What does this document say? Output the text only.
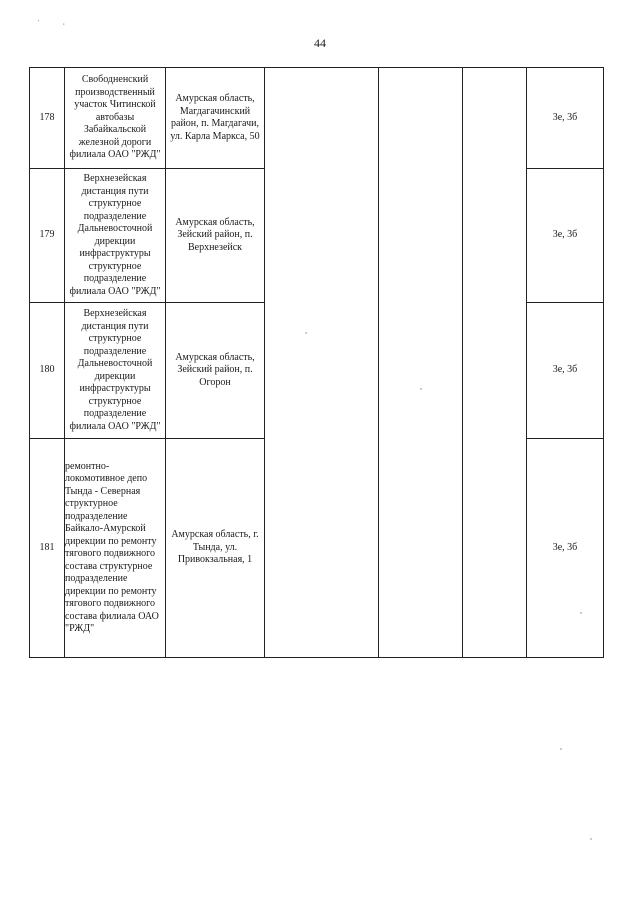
'	,
44
178	Свободненский производственный участок Читинской автобазы Забайкальской железной дороги филиала ОАО "РЖД"	Амурская область, Магдагачинский район, п. Магдагачи, ул. Карла Маркса, 50				3е, 3б
179	Верхнезейская дистанция пути структурное подразделение Дальневосточной дирекции инфраструктуры структурное подразделение филиала ОАО "РЖД"	Амурская область, Зейский район, п. Верхнезейск				3е, 3б
180	Верхнезейская дистанция пути структурное подразделение Дальневосточной дирекции инфраструктуры структурное подразделение филиала ОАО "РЖД"	Амурская область, Зейский район, п. Огорон				3е, 3б
181	ремонтно-локомотивное депо Тында - Северная структурное подразделение Байкало-Амурской дирекции по ремонту тягового подвижного состава структурное подразделение дирекции по ремонту тягового подвижного состава филиала ОАО "РЖД"	Амурская область, г. Тында, ул. Привокзальная, 1				3е, 3б
